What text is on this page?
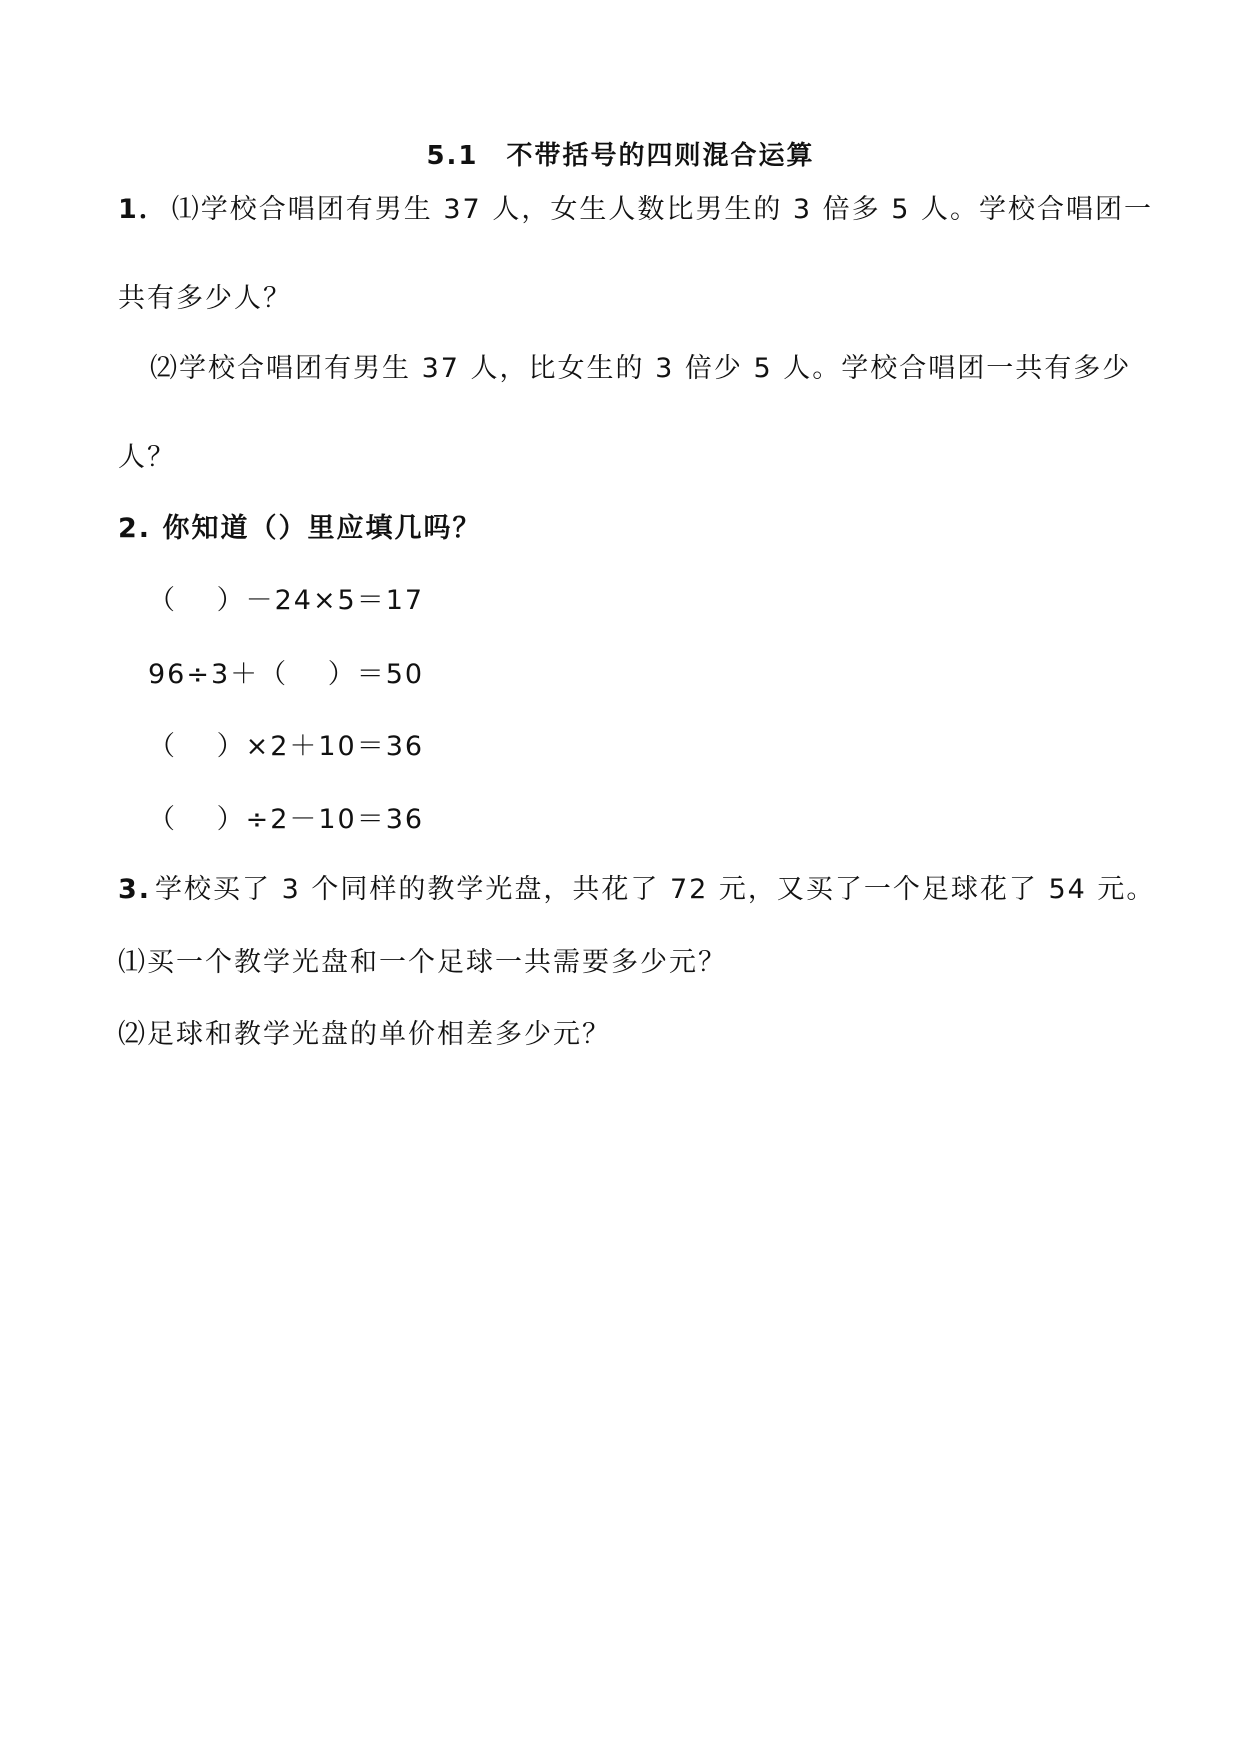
5.1　不带括号的四则混合运算
1． ⑴学校合唱团有男生 37 人，女生人数比男生的 3 倍多 5 人。学校合唱团一
共有多少人？
⑵学校合唱团有男生 37 人，比女生的 3 倍少 5 人。学校合唱团一共有多少
人？
2. 你知道（）里应填几吗？
（　 ）－24×5＝17
96÷3＋（　 ）＝50
（　 ）×2＋10＝36
（　 ）÷2－10＝36
3. 学校买了 3 个同样的教学光盘，共花了 72 元，又买了一个足球花了 54 元。
⑴买一个教学光盘和一个足球一共需要多少元？
⑵足球和教学光盘的单价相差多少元？
